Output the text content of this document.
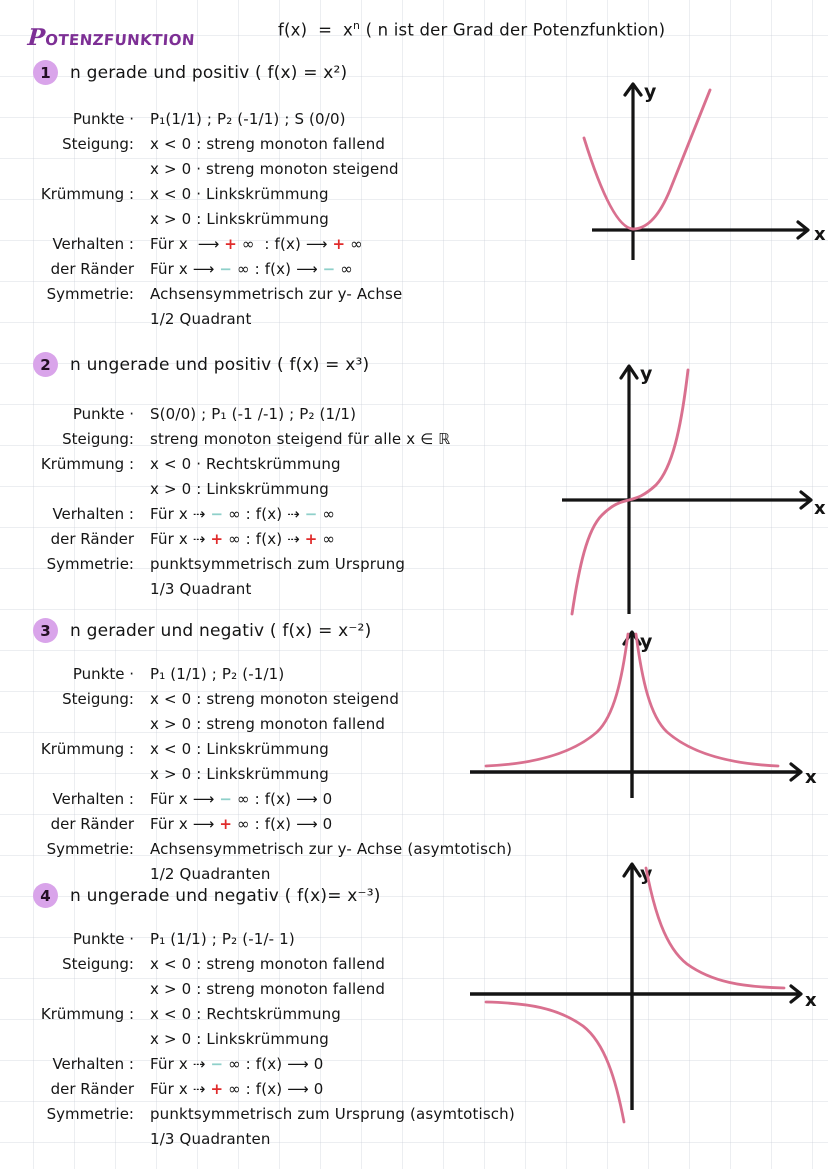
potenzfunktion	$f(x) = x^n$ ( n ist der Grad der Potenzfunktion)
1	n gerade und positiv ( f(x) = x²)
Punkte ·	P₁(1/1) ; P₂ (-1/1) ; S (0/0)
Steigung:	x < 0 : streng monoton fallend
x > 0 · streng monoton steigend
Krümmung :	x < 0 · Linkskrümmung
x > 0 : Linkskrümmung
Verhalten :	Für x  ⟶ + ∞  : f(x) ⟶ + ∞
der Ränder	Für x ⟶ − ∞ : f(x) ⟶ − ∞
Symmetrie:	Achsensymmetrisch zur y- Achse
1/2 Quadrant
y
x
2	n ungerade und positiv ( f(x) = x³)
Punkte ·	S(0/0) ; P₁ (-1 /-1) ; P₂ (1/1)
Steigung:	streng monoton steigend für alle x ∈ ℝ
Krümmung :	x < 0 · Rechtskrümmung
x > 0 : Linkskrümmung
Verhalten :	Für x ⇢ − ∞ : f(x) ⇢ − ∞
der Ränder	Für x ⇢ + ∞ : f(x) ⇢ + ∞
Symmetrie:	punktsymmetrisch zum Ursprung
1/3 Quadrant
y
x
3	n gerader und negativ ( f(x) = x⁻²)
Punkte ·	P₁ (1/1) ; P₂ (-1/1)
Steigung:	x < 0 : streng monoton steigend
x > 0 : streng monoton fallend
Krümmung :	x < 0 : Linkskrümmung
x > 0 : Linkskrümmung
Verhalten :	Für x ⟶ − ∞ : f(x) ⟶ 0
der Ränder	Für x ⟶ + ∞ : f(x) ⟶ 0
Symmetrie:	Achsensymmetrisch zur y- Achse (asymtotisch)
1/2 Quadranten
y
x
4	n ungerade und negativ ( f(x)= x⁻³)
Punkte ·	P₁ (1/1) ; P₂ (-1/- 1)
Steigung:	x < 0 : streng monoton fallend
x > 0 : streng monoton fallend
Krümmung :	x < 0 : Rechtskrümmung
x > 0 : Linkskrümmung
Verhalten :	Für x ⇢ − ∞ : f(x) ⟶ 0
der Ränder	Für x ⇢ + ∞ : f(x) ⟶ 0
Symmetrie:	punktsymmetrisch zum Ursprung (asymtotisch)
1/3 Quadranten
y
x
